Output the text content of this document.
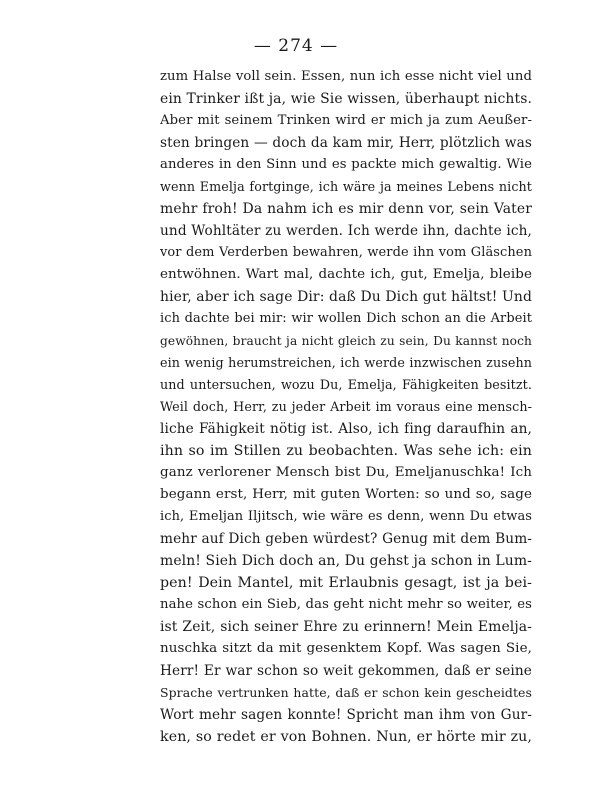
— 274 —
zum Halse voll sein. Essen, nun ich esse nicht viel und
ein Trinker ißt ja, wie Sie wissen, überhaupt nichts.
Aber mit seinem Trinken wird er mich ja zum Aeußer-
sten bringen — doch da kam mir, Herr, plötzlich was
anderes in den Sinn und es packte mich gewaltig. Wie
wenn Emelja fortginge, ich wäre ja meines Lebens nicht
mehr froh! Da nahm ich es mir denn vor, sein Vater
und Wohltäter zu werden. Ich werde ihn, dachte ich,
vor dem Verderben bewahren, werde ihn vom Gläschen
entwöhnen. Wart mal, dachte ich, gut, Emelja, bleibe
hier, aber ich sage Dir: daß Du Dich gut hältst! Und
ich dachte bei mir: wir wollen Dich schon an die Arbeit
gewöhnen, braucht ja nicht gleich zu sein, Du kannst noch
ein wenig herumstreichen, ich werde inzwischen zusehn
und untersuchen, wozu Du, Emelja, Fähigkeiten besitzt.
Weil doch, Herr, zu jeder Arbeit im voraus eine mensch-
liche Fähigkeit nötig ist. Also, ich fing daraufhin an,
ihn so im Stillen zu beobachten. Was sehe ich: ein
ganz verlorener Mensch bist Du, Emeljanuschka! Ich
begann erst, Herr, mit guten Worten: so und so, sage
ich, Emeljan Iljitsch, wie wäre es denn, wenn Du etwas
mehr auf Dich geben würdest? Genug mit dem Bum-
meln! Sieh Dich doch an, Du gehst ja schon in Lum-
pen! Dein Mantel, mit Erlaubnis gesagt, ist ja bei-
nahe schon ein Sieb, das geht nicht mehr so weiter, es
ist Zeit, sich seiner Ehre zu erinnern! Mein Emelja-
nuschka sitzt da mit gesenktem Kopf. Was sagen Sie,
Herr! Er war schon so weit gekommen, daß er seine
Sprache vertrunken hatte, daß er schon kein gescheidtes
Wort mehr sagen konnte! Spricht man ihm von Gur-
ken, so redet er von Bohnen. Nun, er hörte mir zu,
